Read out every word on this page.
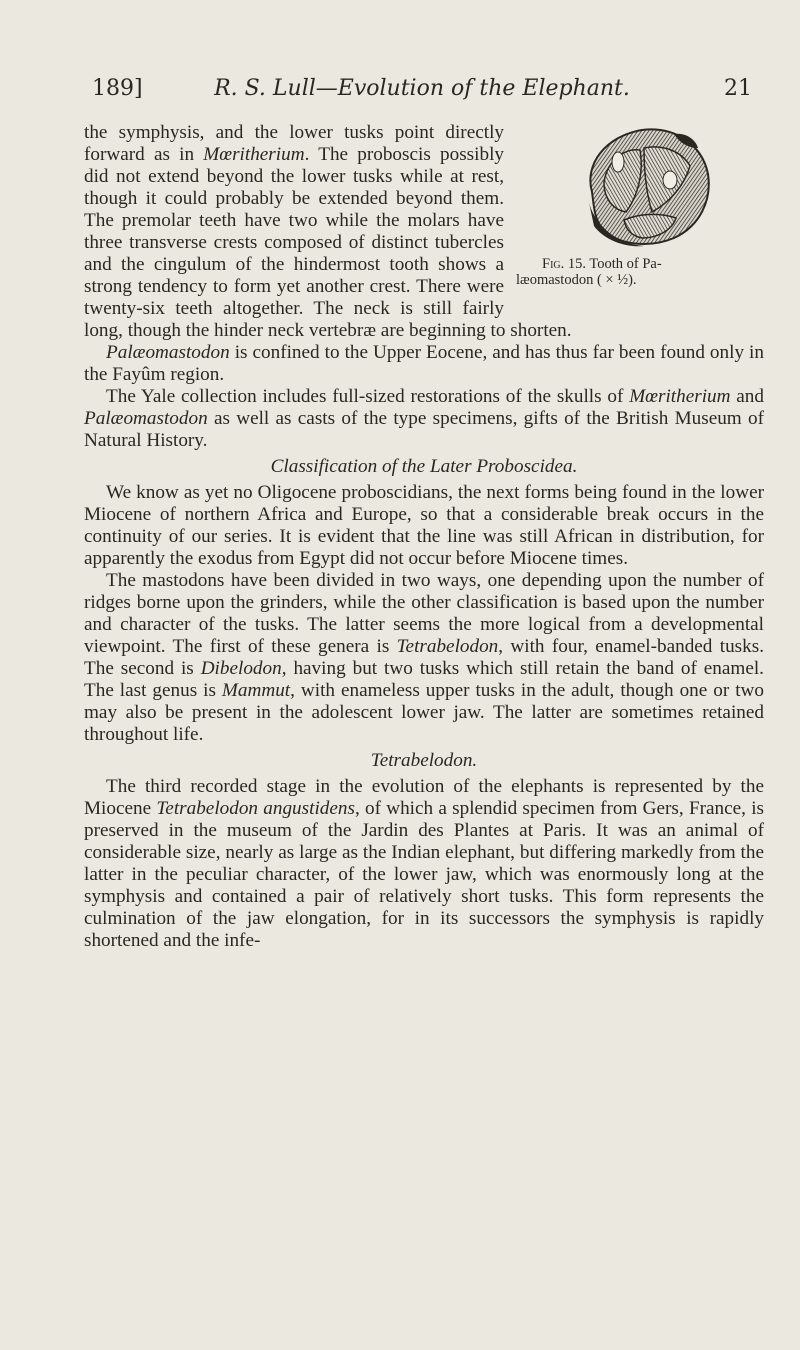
189]	R. S. Lull—Evolution of the Elephant.	21
Fig. 15. Tooth of Pa-
læomastodon ( × ½).

the symphysis, and the lower tusks point directly forward as in Mœritherium. The proboscis possibly did not extend beyond the lower tusks while at rest, though it could probably be extended beyond them. The premolar teeth have two while the molars have three transverse crests composed of distinct tubercles and the cingulum of the hindermost tooth shows a strong tendency to form yet another crest. There were twenty-six teeth altogether. The neck is still fairly long, though the hinder neck vertebræ are beginning to shorten.

Palæomastodon is confined to the Upper Eocene, and has thus far been found only in the Fayûm region.

The Yale collection includes full-sized restorations of the skulls of Mœritherium and Palæomastodon as well as casts of the type specimens, gifts of the British Museum of Natural History.

Classification of the Later Proboscidea.

We know as yet no Oligocene proboscidians, the next forms being found in the lower Miocene of northern Africa and Europe, so that a considerable break occurs in the continuity of our series. It is evident that the line was still African in distribution, for apparently the exodus from Egypt did not occur before Miocene times.

The mastodons have been divided in two ways, one depending upon the number of ridges borne upon the grinders, while the other classification is based upon the number and character of the tusks. The latter seems the more logical from a developmental viewpoint. The first of these genera is Tetrabelodon, with four, enamel-banded tusks. The second is Dibelodon, having but two tusks which still retain the band of enamel. The last genus is Mammut, with enameless upper tusks in the adult, though one or two may also be present in the adolescent lower jaw. The latter are sometimes retained throughout life.

Tetrabelodon.

The third recorded stage in the evolution of the elephants is represented by the Miocene Tetrabelodon angustidens, of which a splendid specimen from Gers, France, is preserved in the museum of the Jardin des Plantes at Paris. It was an animal of considerable size, nearly as large as the Indian elephant, but differing markedly from the latter in the peculiar character, of the lower jaw, which was enormously long at the symphysis and contained a pair of relatively short tusks. This form represents the culmination of the jaw elongation, for in its successors the symphysis is rapidly shortened and the infe-
